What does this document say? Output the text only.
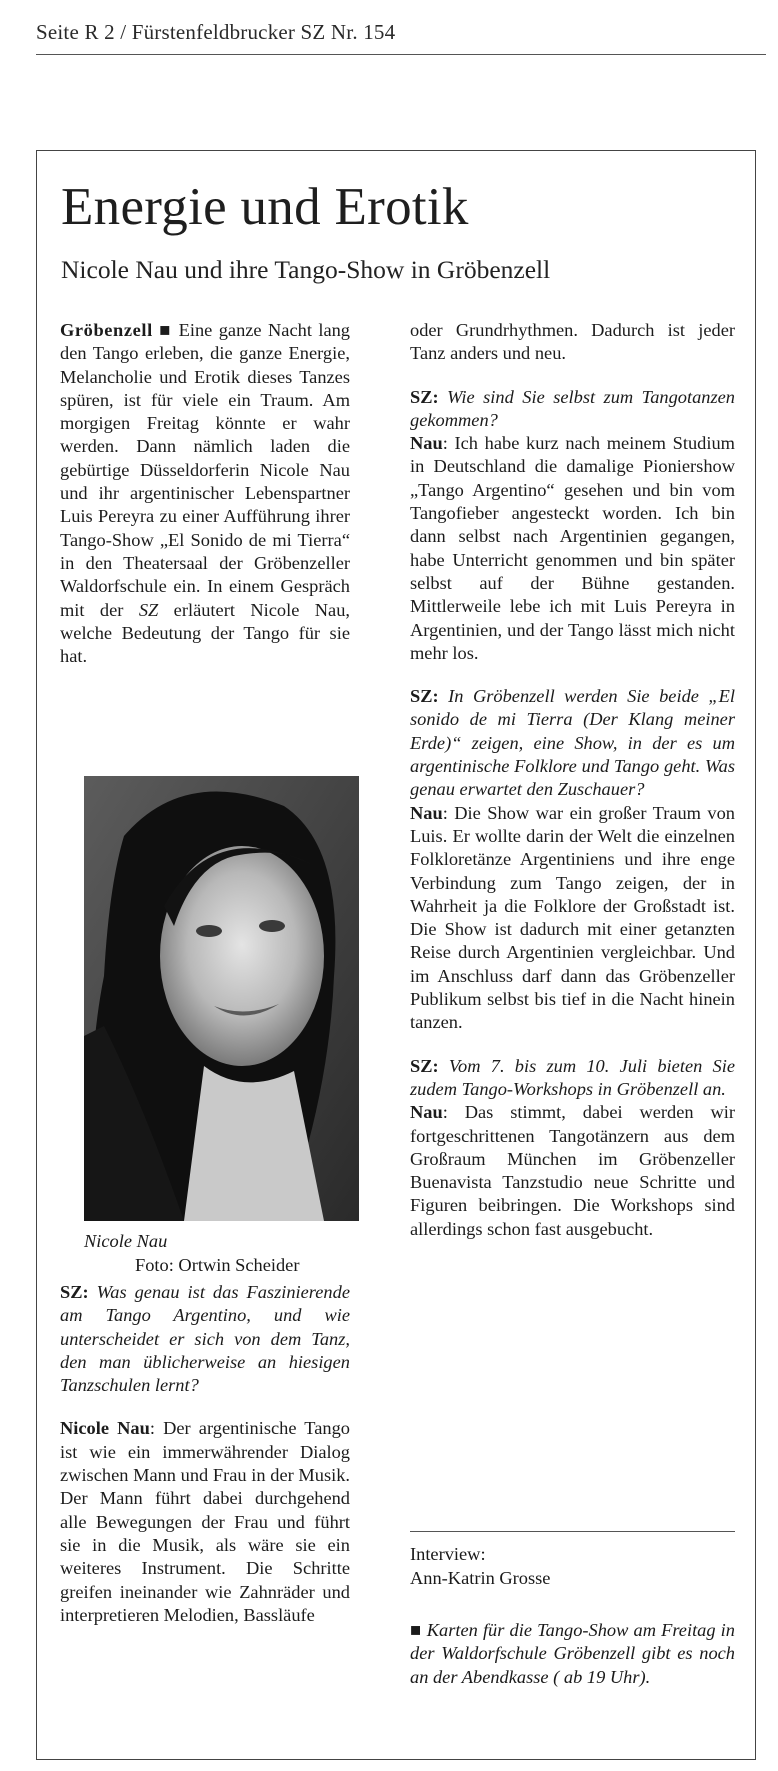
Seite R 2 / Fürstenfeldbrucker SZ Nr. 154
Energie und Erotik
Nicole Nau und ihre Tango-Show in Gröbenzell

Gröbenzell ■ Eine ganze Nacht lang den Tango erleben, die ganze Energie, Melancholie und Erotik dieses Tanzes spüren, ist für viele ein Traum. Am morgigen Freitag könnte er wahr werden. Dann nämlich laden die gebürtige Düsseldorferin Nicole Nau und ihr argentinischer Lebenspartner Luis Pereyra zu einer Aufführung ihrer Tango-Show „El Sonido de mi Tierra“ in den Theatersaal der Gröbenzeller Waldorfschule ein. In einem Gespräch mit der SZ erläutert Nicole Nau, welche Bedeutung der Tango für sie hat.

Nicole Nau
Foto: Ortwin Scheider

SZ: Was genau ist das Faszinierende am Tango Argentino, und wie unterscheidet er sich von dem Tanz, den man üblicherweise an hiesigen Tanzschulen lernt?

Nicole Nau: Der argentinische Tango ist wie ein immerwährender Dialog zwischen Mann und Frau in der Musik. Der Mann führt dabei durchgehend alle Bewegungen der Frau und führt sie in die Musik, als wäre sie ein weiteres Instrument. Die Schritte greifen ineinander wie Zahnräder und interpretieren Melodien, Bassläufe

oder Grundrhythmen. Dadurch ist jeder Tanz anders und neu.

SZ: Wie sind Sie selbst zum Tangotanzen gekommen?

Nau: Ich habe kurz nach meinem Studium in Deutschland die damalige Pioniershow „Tango Argentino“ gesehen und bin vom Tangofieber angesteckt worden. Ich bin dann selbst nach Argentinien gegangen, habe Unterricht genommen und bin später selbst auf der Bühne gestanden. Mittlerweile lebe ich mit Luis Pereyra in Argentinien, und der Tango lässt mich nicht mehr los.

SZ: In Gröbenzell werden Sie beide „El sonido de mi Tierra (Der Klang meiner Erde)“ zeigen, eine Show, in der es um argentinische Folklore und Tango geht. Was genau erwartet den Zuschauer?

Nau: Die Show war ein großer Traum von Luis. Er wollte darin der Welt die einzelnen Folkloretänze Argentiniens und ihre enge Verbindung zum Tango zeigen, der in Wahrheit ja die Folklore der Großstadt ist. Die Show ist dadurch mit einer getanzten Reise durch Argentinien vergleichbar. Und im Anschluss darf dann das Gröbenzeller Publikum selbst bis tief in die Nacht hinein tanzen.

SZ: Vom 7. bis zum 10. Juli bieten Sie zudem Tango-Workshops in Gröbenzell an.

Nau: Das stimmt, dabei werden wir fortgeschrittenen Tangotänzern aus dem Großraum München im Gröbenzeller Buenavista Tanzstudio neue Schritte und Figuren beibringen. Die Workshops sind allerdings schon fast ausgebucht.

Interview:
Ann-Katrin Grosse

■ Karten für die Tango-Show am Freitag in der Waldorfschule Gröbenzell gibt es noch an der Abendkasse ( ab 19 Uhr).
